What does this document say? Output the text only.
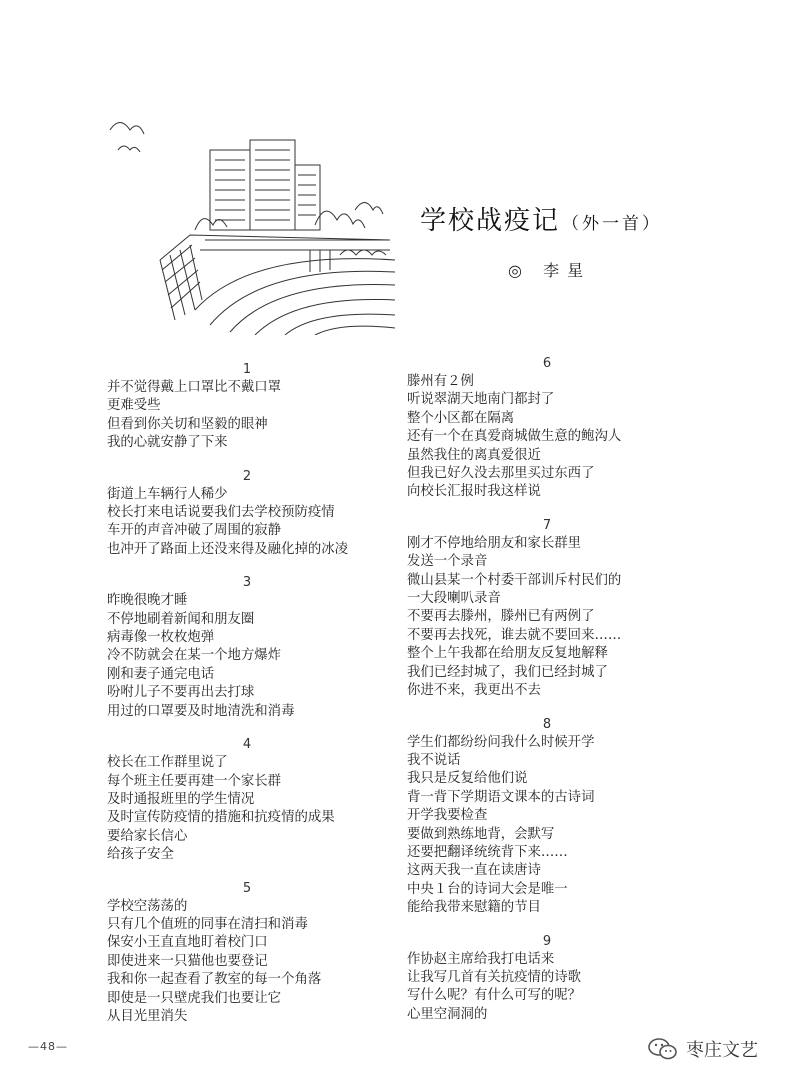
学校战疫记 （外一首）
◎ 李星
1
并不觉得戴上口罩比不戴口罩
更难受些
但看到你关切和坚毅的眼神
我的心就安静了下来
2
街道上车辆行人稀少
校长打来电话说要我们去学校预防疫情
车开的声音冲破了周围的寂静
也冲开了路面上还没来得及融化掉的冰凌
3
昨晚很晚才睡
不停地刷着新闻和朋友圈
病毒像一枚枚炮弹
冷不防就会在某一个地方爆炸
刚和妻子通完电话
吩咐儿子不要再出去打球
用过的口罩要及时地清洗和消毒
4
校长在工作群里说了
每个班主任要再建一个家长群
及时通报班里的学生情况
及时宣传防疫情的措施和抗疫情的成果
要给家长信心
给孩子安全
5
学校空荡荡的
只有几个值班的同事在清扫和消毒
保安小王直直地盯着校门口
即使进来一只猫他也要登记
我和你一起查看了教室的每一个角落
即使是一只壁虎我们也要让它
从目光里消失
6
滕州有２例
听说翠湖天地南门都封了
整个小区都在隔离
还有一个在真爱商城做生意的鲍沟人
虽然我住的离真爱很近
但我已好久没去那里买过东西了
向校长汇报时我这样说
7
刚才不停地给朋友和家长群里
发送一个录音
微山县某一个村委干部训斥村民们的
一大段喇叭录音
不要再去滕州，滕州已有两例了
不要再去找死，谁去就不要回来……
整个上午我都在给朋友反复地解释
我们已经封城了，我们已经封城了
你进不来，我更出不去
8
学生们都纷纷问我什么时候开学
我不说话
我只是反复给他们说
背一背下学期语文课本的古诗词
开学我要检查
要做到熟练地背，会默写
还要把翻译统统背下来……
这两天我一直在读唐诗
中央１台的诗词大会是唯一
能给我带来慰籍的节目
9
作协赵主席给我打电话来
让我写几首有关抗疫情的诗歌
写什么呢？有什么可写的呢？
心里空洞洞的
—48—	枣庄文艺
